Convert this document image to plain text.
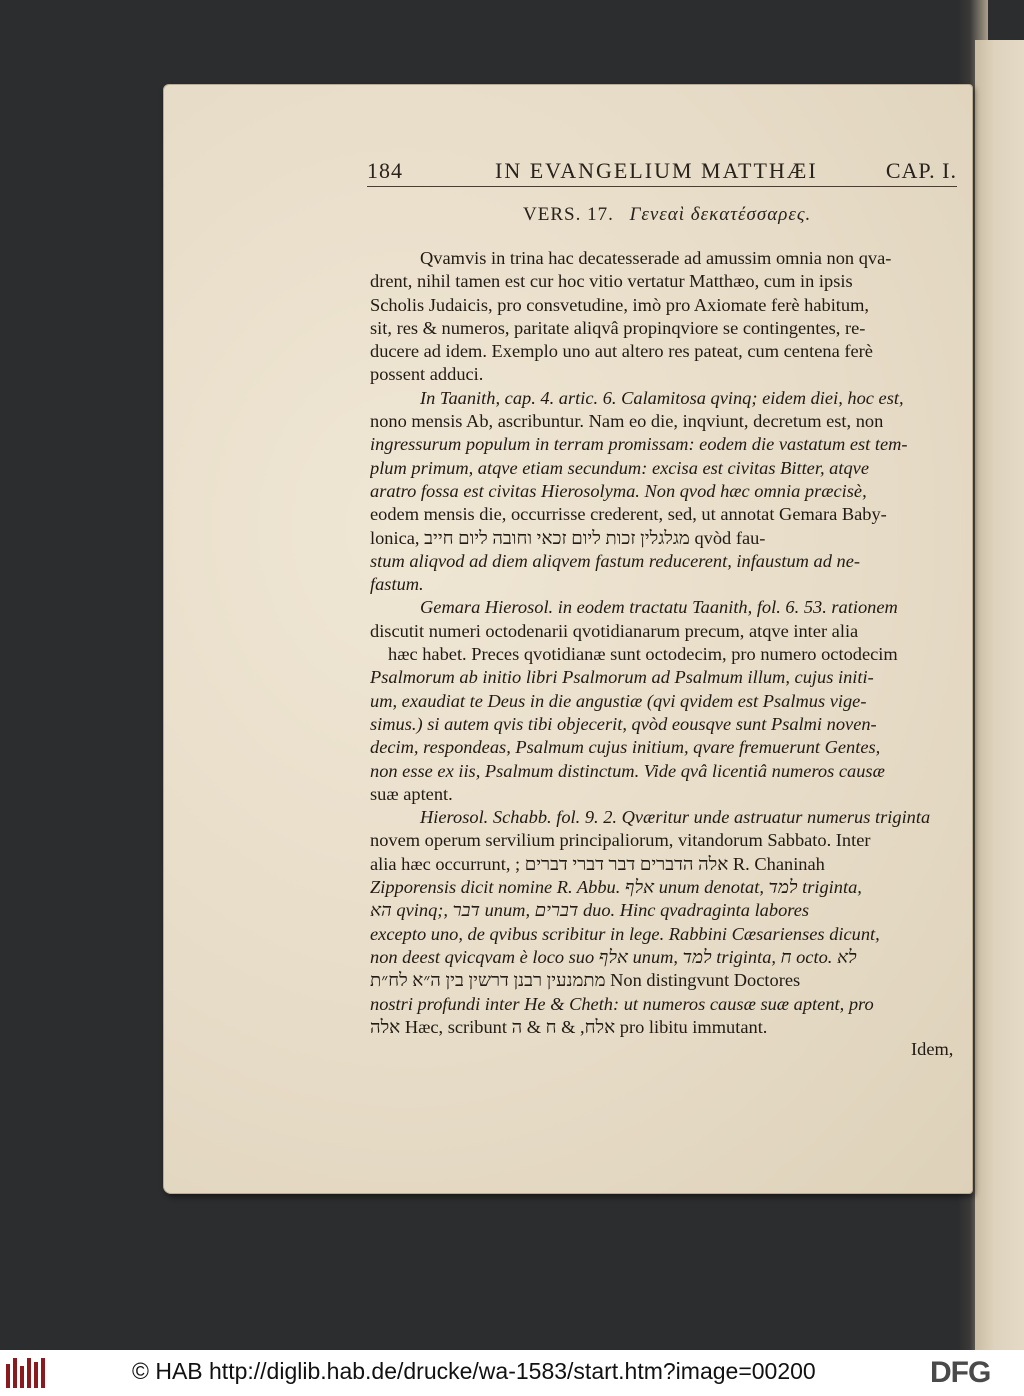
184	IN EVANGELIUM MATTHÆI	CAP. I.
VERS. 17. Γενεαὶ δεκατέσσαρες.
Qvamvis in trina hac decatesserade ad amussim omnia non qva-
drent, nihil tamen est cur hoc vitio vertatur Matthæo, cum in ipsis
Scholis Judaicis, pro consvetudine, imò pro Axiomate ferè habitum,
sit, res & numeros, paritate aliqvâ propinqviore se contingentes, re-
ducere ad idem. Exemplo uno aut altero res pateat, cum centena ferè
possent adduci.
In Taanith, cap. 4. artic. 6. Calamitosa qvinq; eidem diei, hoc est,
nono mensis Ab, ascribuntur. Nam eo die, inqviunt, decretum est, non
ingressurum populum in terram promissam: eodem die vastatum est tem-
plum primum, atqve etiam secundum: excisa est civitas Bitter, atqve
aratro fossa est civitas Hierosolyma. Non qvod hæc omnia præcisè,
eodem mensis die, occurrisse crederent, sed, ut annotat Gemara Baby-
lonica, מגלגלין זכות ליום זכאי וחובה ליום חייב qvòd fau-
stum aliqvod ad diem aliqvem fastum reducerent, infaustum ad ne-
fastum.
Gemara Hierosol. in eodem tractatu Taanith, fol. 6. 53. rationem
discutit numeri octodenarii qvotidianarum precum, atqve inter alia
hæc habet. Preces qvotidianæ sunt octodecim, pro numero octodecim
Psalmorum ab initio libri Psalmorum ad Psalmum illum, cujus initi-
um, exaudiat te Deus in die angustiæ (qvi qvidem est Psalmus vige-
simus.) si autem qvis tibi objecerit, qvòd eousqve sunt Psalmi noven-
decim, respondeas, Psalmum cujus initium, qvare fremuerunt Gentes,
non esse ex iis, Psalmum distinctum. Vide qvâ licentiâ numeros causæ
suæ aptent.
Hierosol. Schabb. fol. 9. 2. Qværitur unde astruatur numerus triginta
novem operum servilium principaliorum, vitandorum Sabbato. Inter
alia hæc occurrunt, ; אלה הדברים דבר דברי דברים R. Chaninah
Zipporensis dicit nomine R. Abbu. אלף unum denotat, למד triginta,
הא qvinq;, דבר unum, דברים duo. Hinc qvadraginta labores
excepto uno, de qvibus scribitur in lege. Rabbini Cæsarienses dicunt,
non deest qvicqvam è loco suo אלף unum, למד triginta, ח octo. לא
מתמנעין רבנן דרשין בין ה״א לח״ת Non distingvunt Doctores
nostri profundi inter He & Cheth: ut numeros causæ suæ aptent, pro
אלה Hæc, scribunt אלח, & ח & ה pro libitu immutant.
Idem,
© HAB http://diglib.hab.de/drucke/wa-1583/start.htm?image=00200	DFG
